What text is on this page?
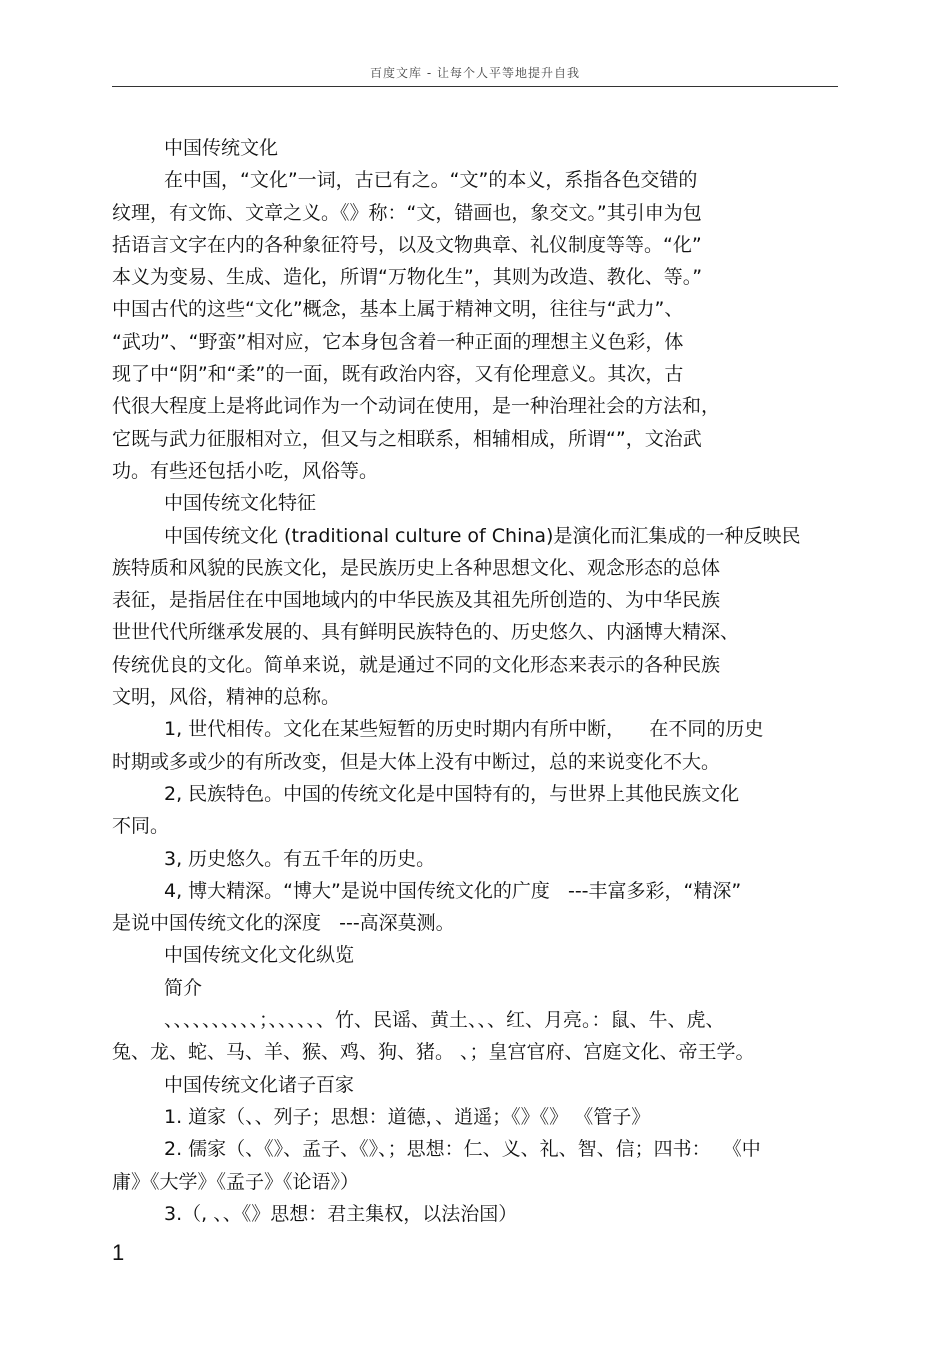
百度文库 - 让每个人平等地提升自我
中国传统文化
在中国，“文化”一词，古已有之。“文”的本义，系指各色交错的
纹理，有文饰、文章之义。《》称：“文，错画也，象交文。”其引申为包
括语言文字在内的各种象征符号，以及文物典章、礼仪制度等等。“化”
本义为变易、生成、造化，所谓“万物化生”，其则为改造、教化、等。”
中国古代的这些“文化”概念，基本上属于精神文明，往往与“武力”、
“武功”、“野蛮”相对应，它本身包含着一种正面的理想主义色彩，体
现了中“阴”和“柔”的一面，既有政治内容，又有伦理意义。其次，古
代很大程度上是将此词作为一个动词在使用，是一种治理社会的方法和，
它既与武力征服相对立，但又与之相联系，相辅相成，所谓“”，文治武
功。有些还包括小吃，风俗等。
中国传统文化特征
中国传统文化 (traditional culture of China)是演化而汇集成的一种反映民
族特质和风貌的民族文化，是民族历史上各种思想文化、观念形态的总体
表征，是指居住在中国地域内的中华民族及其祖先所创造的、为中华民族
世世代代所继承发展的、具有鲜明民族特色的、历史悠久、内涵博大精深、
传统优良的文化。简单来说，就是通过不同的文化形态来表示的各种民族
文明，风俗，精神的总称。
1, 世代相传。文化在某些短暂的历史时期内有所中断，    在不同的历史
时期或多或少的有所改变，但是大体上没有中断过，总的来说变化不大。
2, 民族特色。中国的传统文化是中国特有的，与世界上其他民族文化
不同。
3, 历史悠久。有五千年的历史。
4, 博大精深。“博大”是说中国传统文化的广度   ---丰富多彩，“精深”
是说中国传统文化的深度   ---高深莫测。
中国传统文化文化纵览
简介
、、、、、、、、、、；、、、、、、竹、民谣、黄土、、、红、月亮。：鼠、牛、虎、
兔、龙、蛇、马、羊、猴、鸡、狗、猪。 、；皇宫官府、宫庭文化、帝王学。
中国传统文化诸子百家
1. 道家（、、列子；思想：道德，、逍遥；《》《》 《管子》
2. 儒家（、《》、孟子、《》、；思想：仁、义、礼、智、信；四书：  《中
庸》《大学》《孟子》《论语》）
3.（, 、、《》思想：君主集权，以法治国）
1
